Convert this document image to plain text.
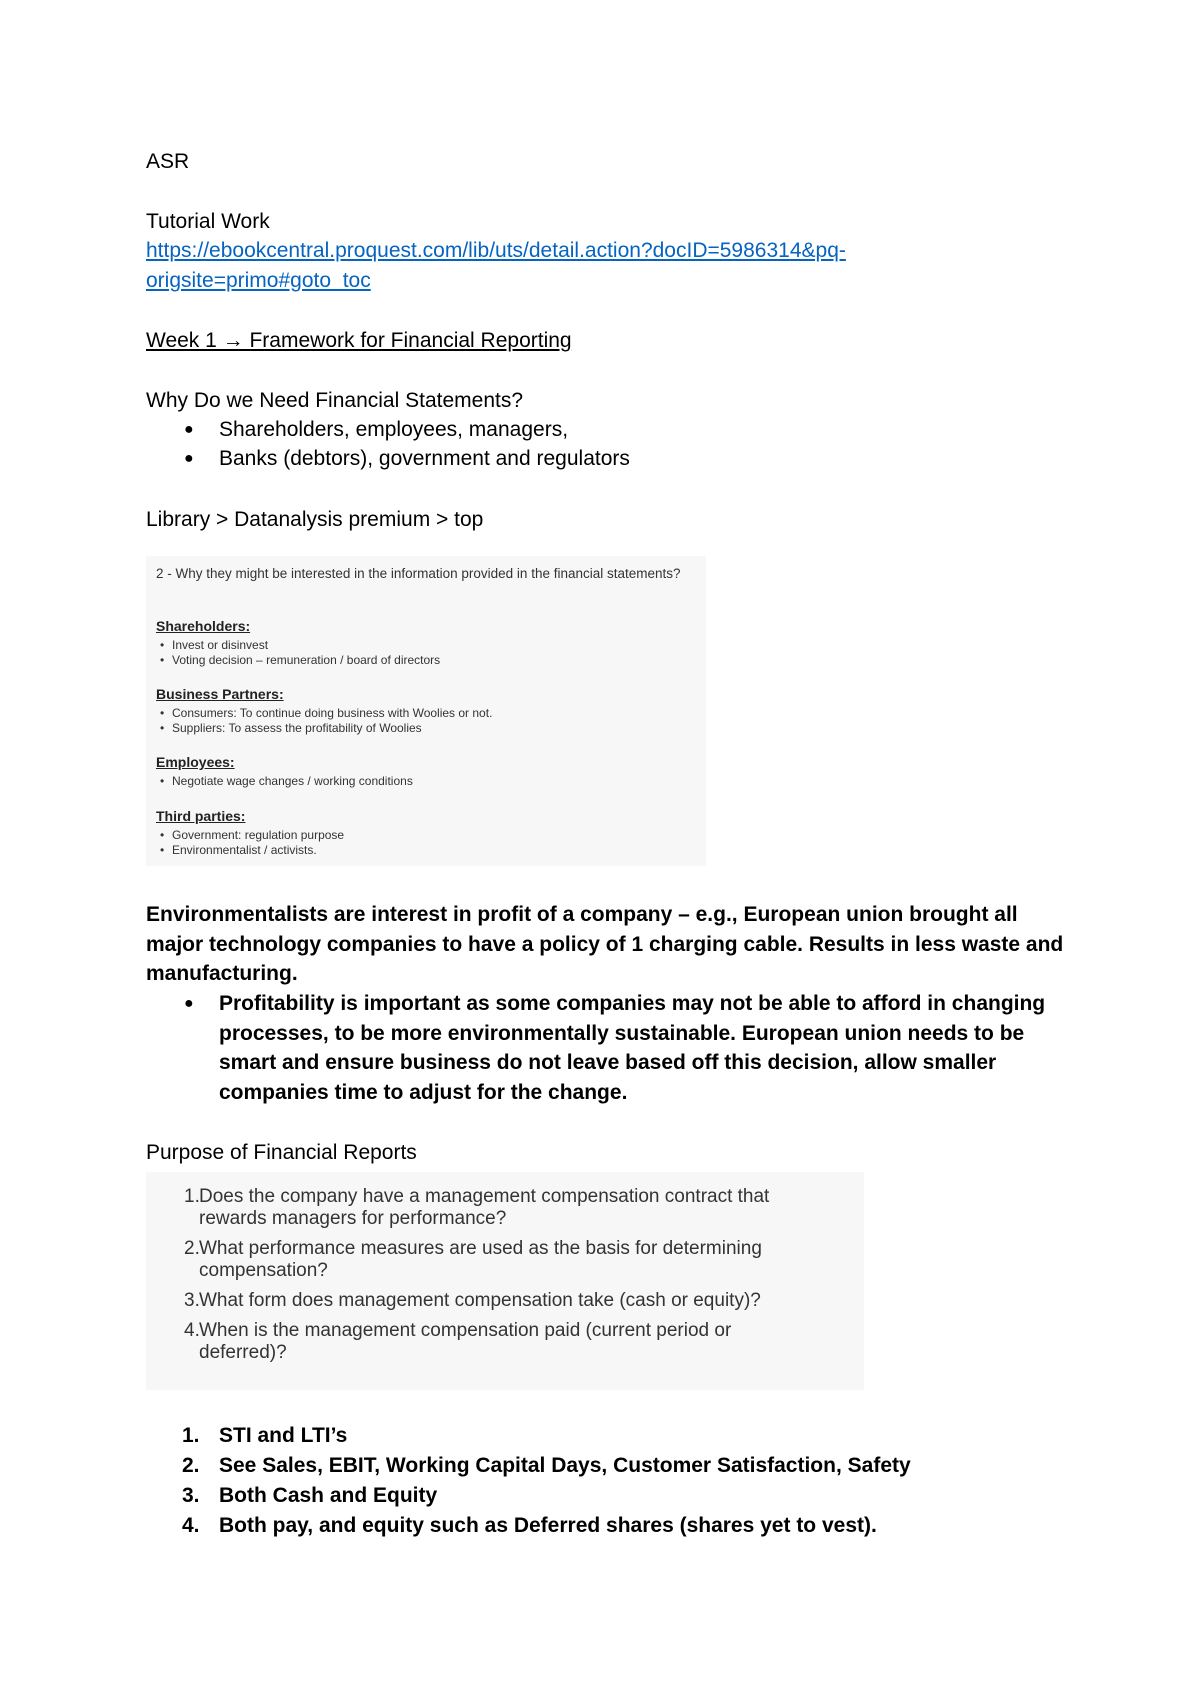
ASR
Tutorial Work
https://ebookcentral.proquest.com/lib/uts/detail.action?docID=5986314&pq-
origsite=primo#goto_toc
Week 1 → Framework for Financial Reporting
Why Do we Need Financial Statements?
● Shareholders, employees, managers,
● Banks (debtors), government and regulators
Library > Datanalysis premium > top
2 - Why they might be interested in the information provided in the financial statements?
Shareholders:
• Invest or disinvest
• Voting decision – remuneration / board of directors
Business Partners:
• Consumers: To continue doing business with Woolies or not.
• Suppliers: To assess the profitability of Woolies
Employees:
• Negotiate wage changes / working conditions
Third parties:
• Government: regulation purpose
• Environmentalist / activists.
Environmentalists are interest in profit of a company – e.g., European union brought all
major technology companies to have a policy of 1 charging cable. Results in less waste and
manufacturing.
● Profitability is important as some companies may not be able to afford in changing
processes, to be more environmentally sustainable. European union needs to be
smart and ensure business do not leave based off this decision, allow smaller
companies time to adjust for the change.
Purpose of Financial Reports
1. Does the company have a management compensation contract that
rewards managers for performance?
2. What performance measures are used as the basis for determining
compensation?
3. What form does management compensation take (cash or equity)?
4. When is the management compensation paid (current period or
deferred)?
1. STI and LTI’s
2. See Sales, EBIT, Working Capital Days, Customer Satisfaction, Safety
3. Both Cash and Equity
4. Both pay, and equity such as Deferred shares (shares yet to vest).
